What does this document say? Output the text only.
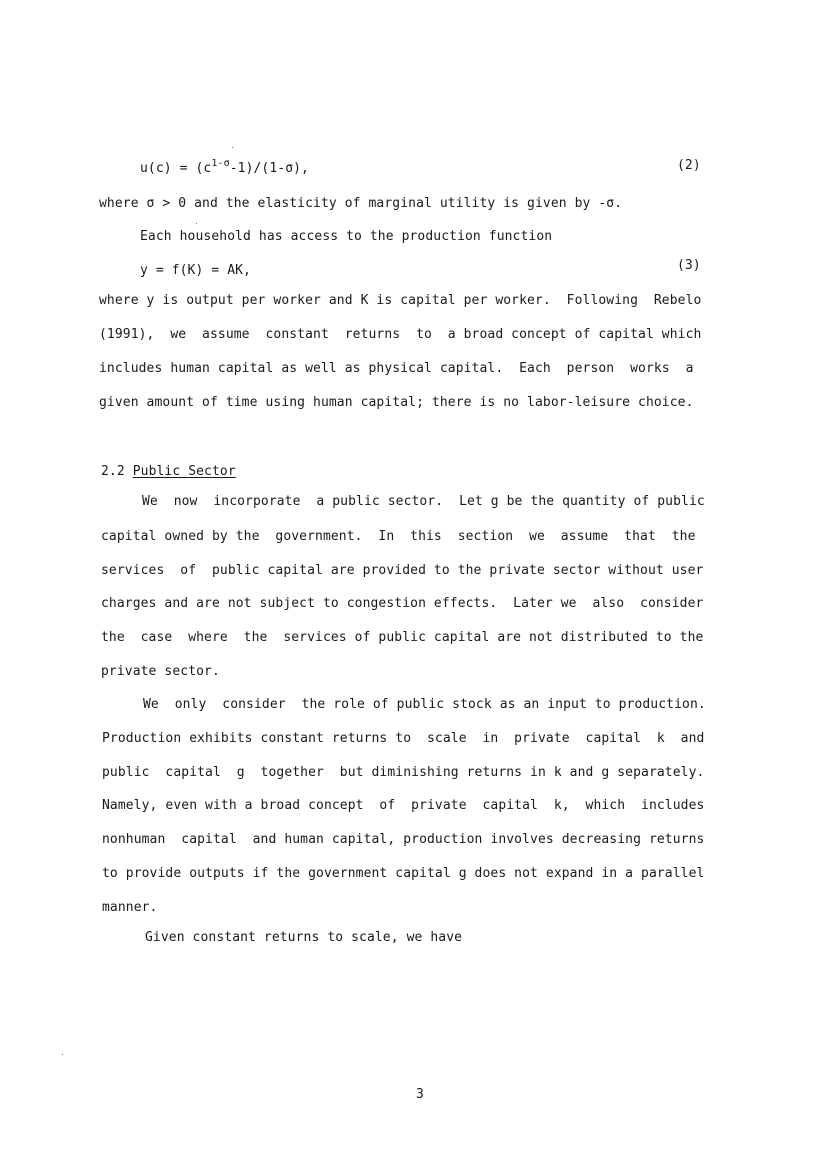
$u(c) = (c^{1-\sigma}-1)/(1-\sigma)$,	(2)
where σ > 0 and the elasticity of marginal utility is given by -σ.
Each household has access to the production function
y = f(K) = AK,	(3)
where y is output per worker and K is capital per worker.  Following  Rebelo
(1991),  we  assume  constant  returns  to  a broad concept of capital which
includes human capital as well as physical capital.  Each  person  works  a
given amount of time using human capital; there is no labor-leisure choice.
2.2 Public Sector
We  now  incorporate  a public sector.  Let g be the quantity of public
capital owned by the  government.  In  this  section  we  assume  that  the
services  of  public capital are provided to the private sector without user
charges and are not subject to congestion effects.  Later we  also  consider
the  case  where  the  services of public capital are not distributed to the
private sector.
We  only  consider  the role of public stock as an input to production.
Production exhibits constant returns to  scale  in  private  capital  k  and
public  capital  g  together  but diminishing returns in k and g separately.
Namely, even with a broad concept  of  private  capital  k,  which  includes
nonhuman  capital  and human capital, production involves decreasing returns
to provide outputs if the government capital g does not expand in a parallel
manner.
Given constant returns to scale, we have
3
